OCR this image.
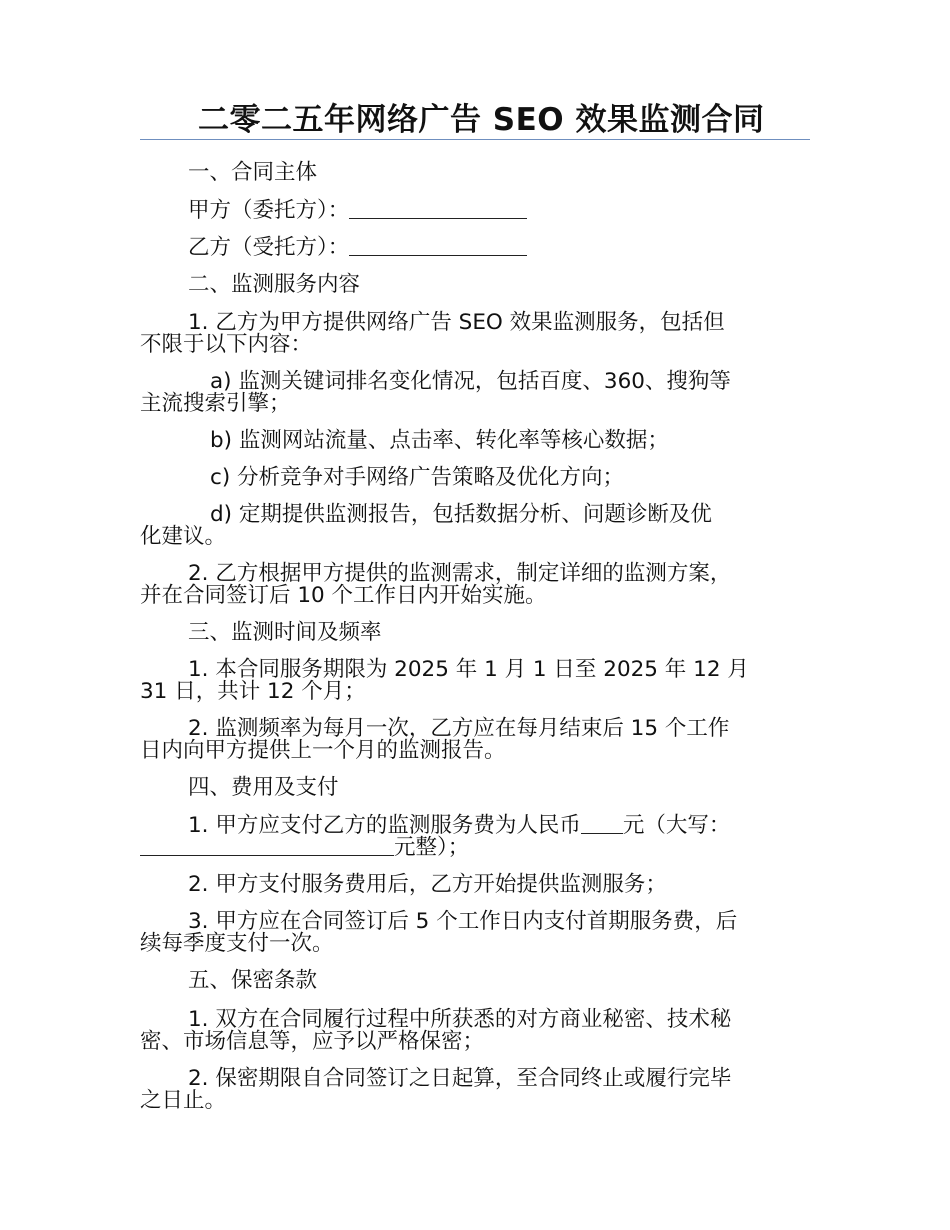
二零二五年网络广告 SEO 效果监测合同

一、合同主体

甲方（委托方）：

乙方（受托方）：

二、监测服务内容

1. 乙方为甲方提供网络广告 SEO 效果监测服务，包括但

不限于以下内容：

a) 监测关键词排名变化情况，包括百度、360、搜狗等

主流搜索引擎；

b) 监测网站流量、点击率、转化率等核心数据；

c) 分析竞争对手网络广告策略及优化方向；

d) 定期提供监测报告，包括数据分析、问题诊断及优

化建议。

2. 乙方根据甲方提供的监测需求，制定详细的监测方案，

并在合同签订后 10 个工作日内开始实施。

三、监测时间及频率

1. 本合同服务期限为 2025 年 1 月 1 日至 2025 年 12 月

31 日，共计 12 个月；

2. 监测频率为每月一次，乙方应在每月结束后 15 个工作

日内向甲方提供上一个月的监测报告。

四、费用及支付

1. 甲方应支付乙方的监测服务费为人民币 元（大写：

元整）；

2. 甲方支付服务费用后，乙方开始提供监测服务；

3. 甲方应在合同签订后 5 个工作日内支付首期服务费，后

续每季度支付一次。

五、保密条款

1. 双方在合同履行过程中所获悉的对方商业秘密、技术秘

密、市场信息等，应予以严格保密；

2. 保密期限自合同签订之日起算，至合同终止或履行完毕

之日止。
